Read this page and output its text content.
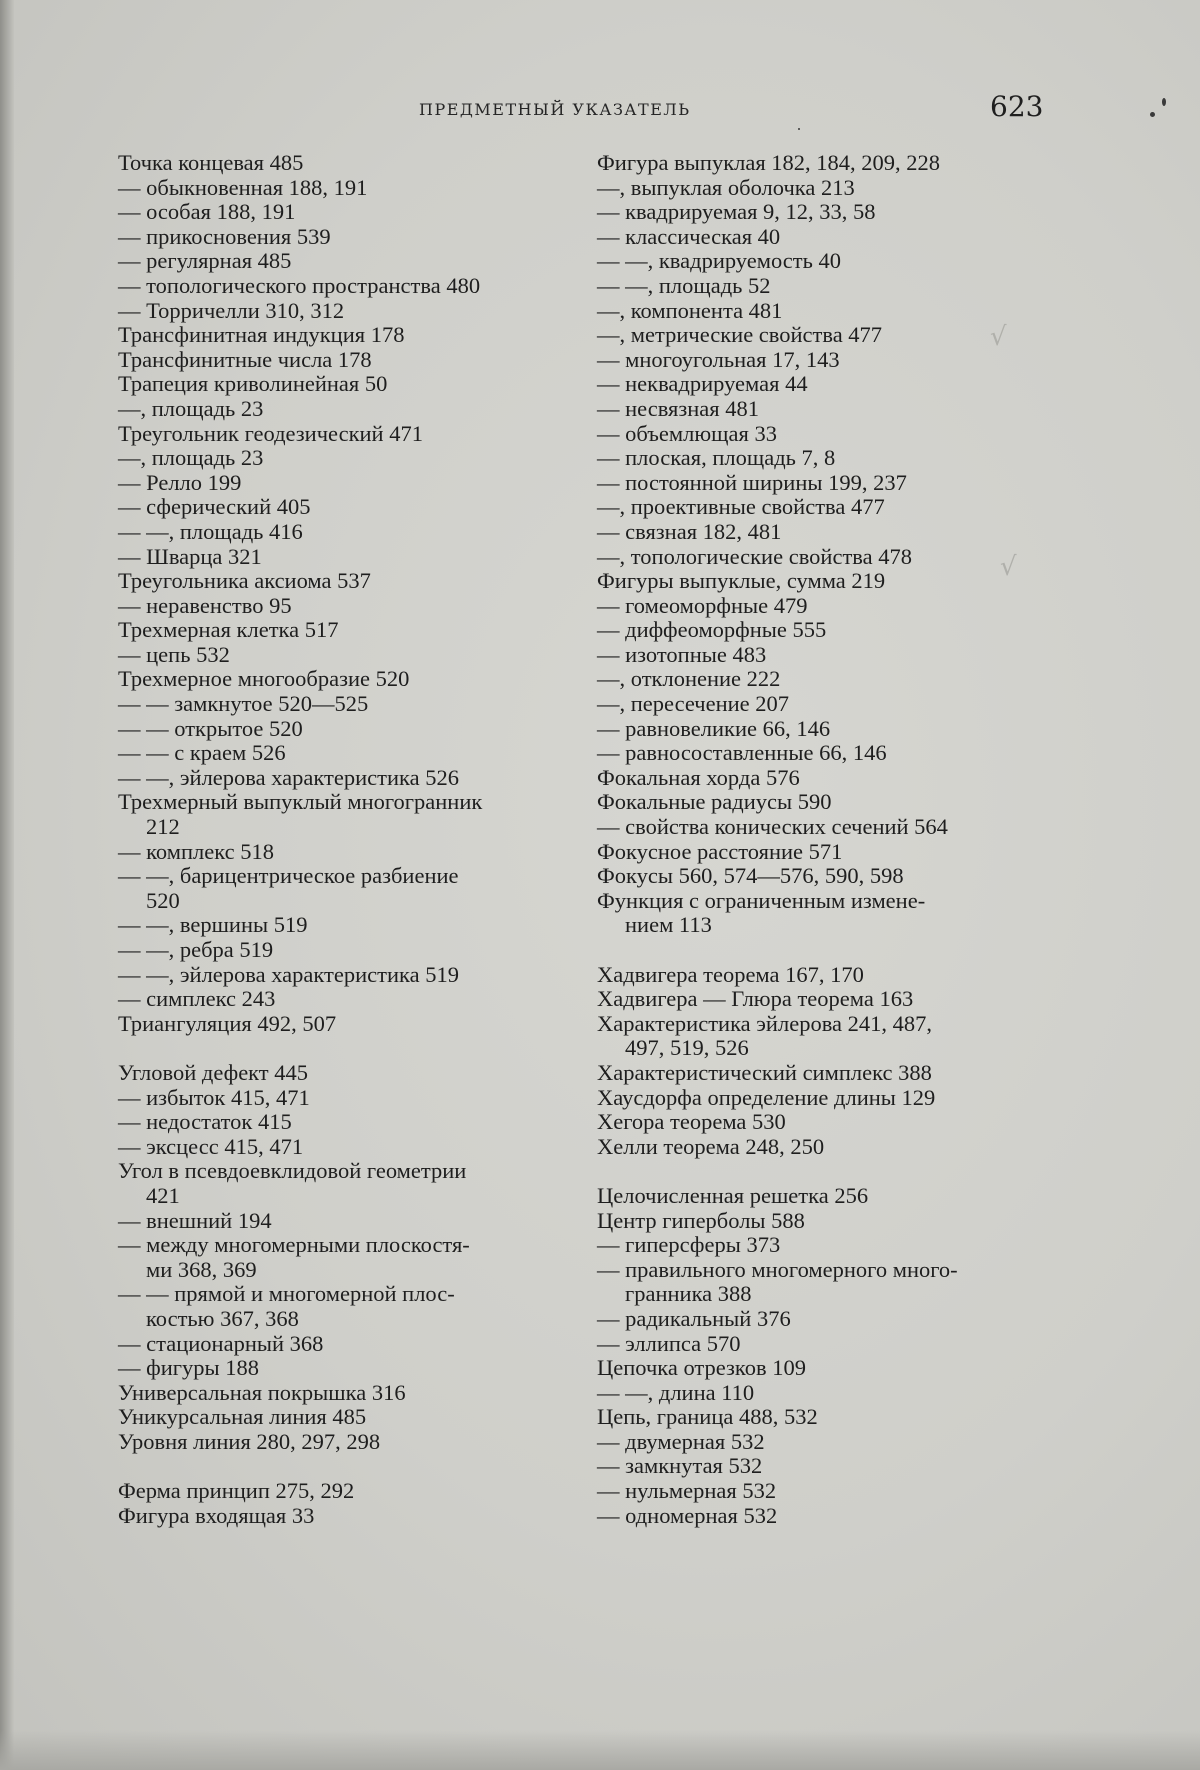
ПРЕДМЕТНЫЙ УКАЗАТЕЛЬ	623
√
√
Точка концевая 485
— обыкновенная 188, 191
— особая 188, 191
— прикосновения 539
— регулярная 485
— топологического пространства 480
— Торричелли 310, 312
Трансфинитная индукция 178
Трансфинитные числа 178
Трапеция криволинейная 50
—, площадь 23
Треугольник геодезический 471
—, площадь 23
— Релло 199
— сферический 405
— —, площадь 416
— Шварца 321
Треугольника аксиома 537
— неравенство 95
Трехмерная клетка 517
— цепь 532
Трехмерное многообразие 520
— — замкнутое 520—525
— — открытое 520
— — с краем 526
— —, эйлерова характеристика 526
Трехмерный выпуклый многогранник
212
— комплекс 518
— —, барицентрическое разбиение
520
— —, вершины 519
— —, ребра 519
— —, эйлерова характеристика 519
— симплекс 243
Триангуляция 492, 507
Угловой дефект 445
— избыток 415, 471
— недостаток 415
— эксцесс 415, 471
Угол в псевдоевклидовой геометрии
421
— внешний 194
— между многомерными плоскостя-
ми 368, 369
— — прямой и многомерной плос-
костью 367, 368
— стационарный 368
— фигуры 188
Универсальная покрышка 316
Уникурсальная линия 485
Уровня линия 280, 297, 298
Ферма принцип 275, 292
Фигура входящая 33
Фигура выпуклая 182, 184, 209, 228
—, выпуклая оболочка 213
— квадрируемая 9, 12, 33, 58
— классическая 40
— —, квадрируемость 40
— —, площадь 52
—, компонента 481
—, метрические свойства 477
— многоугольная 17, 143
— неквадрируемая 44
— несвязная 481
— объемлющая 33
— плоская, площадь 7, 8
— постоянной ширины 199, 237
—, проективные свойства 477
— связная 182, 481
—, топологические свойства 478
Фигуры выпуклые, сумма 219
— гомеоморфные 479
— диффеоморфные 555
— изотопные 483
—, отклонение 222
—, пересечение 207
— равновеликие 66, 146
— равносоставленные 66, 146
Фокальная хорда 576
Фокальные радиусы 590
— свойства конических сечений 564
Фокусное расстояние 571
Фокусы 560, 574—576, 590, 598
Функция с ограниченным измене-
нием 113
Хадвигера теорема 167, 170
Хадвигера — Глюра теорема 163
Характеристика эйлерова 241, 487,
497, 519, 526
Характеристический симплекс 388
Хаусдорфа определение длины 129
Хегора теорема 530
Хелли теорема 248, 250
Целочисленная решетка 256
Центр гиперболы 588
— гиперсферы 373
— правильного многомерного много-
гранника 388
— радикальный 376
— эллипса 570
Цепочка отрезков 109
— —, длина 110
Цепь, граница 488, 532
— двумерная 532
— замкнутая 532
— нульмерная 532
— одномерная 532
